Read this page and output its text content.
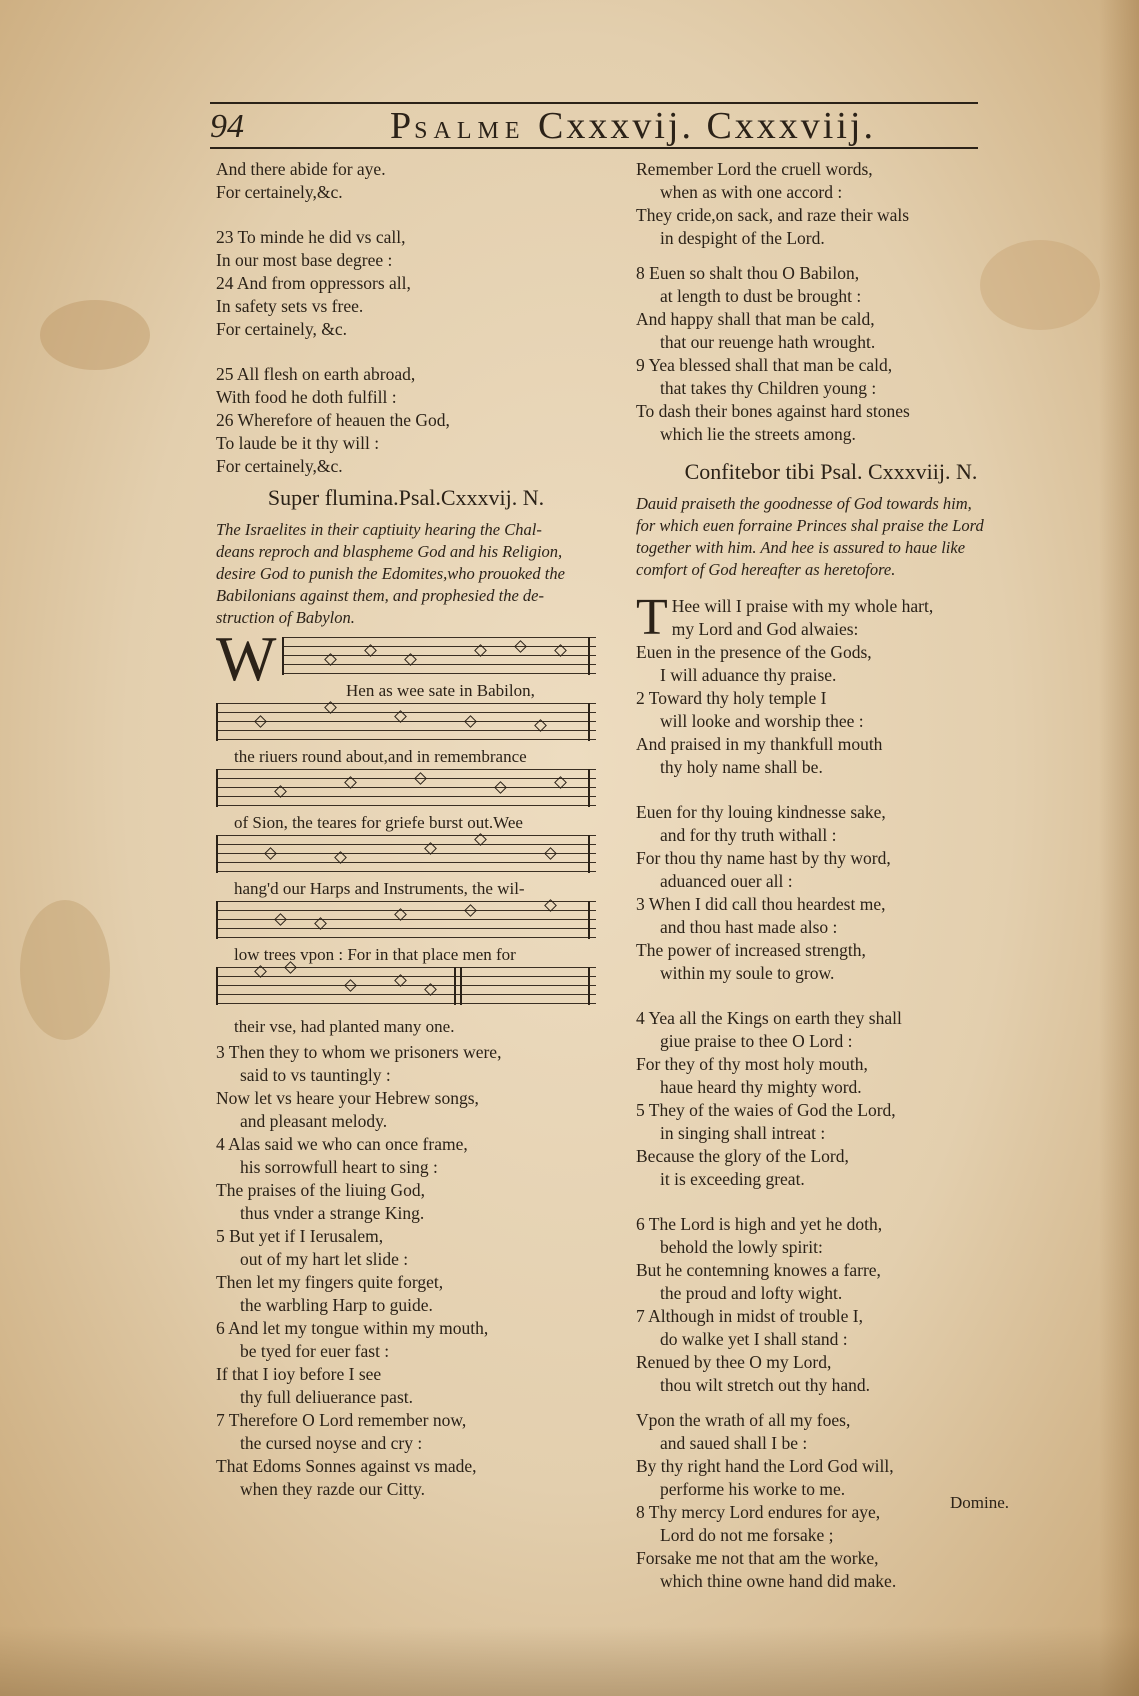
94	PSALME Cxxxvij. Cxxxviij.

And there abide for aye.

For certainely,&c.

23 To minde he did vs call,

In our most base degree :

24 And from oppressors all,

In safety sets vs free.

For certainely, &c.

25 All flesh on earth abroad,

With food he doth fulfill :

26 Wherefore of heauen the God,

To laude be it thy will :

For certainely,&c.

Super flumina.Psal.Cxxxvij. N.

The Israelites in their captiuity hearing the Chal-

deans reproch and blaspheme God and his Religion,

desire God to punish the Edomites,who prouoked the

Babilonians against them, and prophesied the de-

struction of Babylon.

W	Hen as wee sate in Babilon,
the riuers round about,and in remembrance
of Sion, the teares for griefe burst out.Wee
hang'd our Harps and Instruments, the wil-
low trees vpon : For in that place men for
their vse, had planted many one.

3 Then they to whom we prisoners were,

said to vs tauntingly :

Now let vs heare your Hebrew songs,

and pleasant melody.

4 Alas said we who can once frame,

his sorrowfull heart to sing :

The praises of the liuing God,

thus vnder a strange King.

5 But yet if I Ierusalem,

out of my hart let slide :

Then let my fingers quite forget,

the warbling Harp to guide.

6 And let my tongue within my mouth,

be tyed for euer fast :

If that I ioy before I see

thy full deliuerance past.

7 Therefore O Lord remember now,

the cursed noyse and cry :

That Edoms Sonnes against vs made,

when they razde our Citty.

Remember Lord the cruell words,

when as with one accord :

They cride,on sack, and raze their wals

in despight of the Lord.

8 Euen so shalt thou O Babilon,

at length to dust be brought :

And happy shall that man be cald,

that our reuenge hath wrought.

9 Yea blessed shall that man be cald,

that takes thy Children young :

To dash their bones against hard stones

which lie the streets among.

Confitebor tibi Psal. Cxxxviij. N.

Dauid praiseth the goodnesse of God towards him,

for which euen forraine Princes shal praise the Lord

together with him. And hee is assured to haue like

comfort of God hereafter as heretofore.

T Hee will I praise with my whole hart,

my Lord and God alwaies:

Euen in the presence of the Gods,

I will aduance thy praise.

2 Toward thy holy temple I

will looke and worship thee :

And praised in my thankfull mouth

thy holy name shall be.

Euen for thy louing kindnesse sake,

and for thy truth withall :

For thou thy name hast by thy word,

aduanced ouer all :

3 When I did call thou heardest me,

and thou hast made also :

The power of increased strength,

within my soule to grow.

4 Yea all the Kings on earth they shall

giue praise to thee O Lord :

For they of thy most holy mouth,

haue heard thy mighty word.

5 They of the waies of God the Lord,

in singing shall intreat :

Because the glory of the Lord,

it is exceeding great.

6 The Lord is high and yet he doth,

behold the lowly spirit:

But he contemning knowes a farre,

the proud and lofty wight.

7 Although in midst of trouble I,

do walke yet I shall stand :

Renued by thee O my Lord,

thou wilt stretch out thy hand.

Vpon the wrath of all my foes,

and saued shall I be :

By thy right hand the Lord God will,

performe his worke to me.

8 Thy mercy Lord endures for aye,

Lord do not me forsake ;

Forsake me not that am the worke,

which thine owne hand did make.

Domine.
